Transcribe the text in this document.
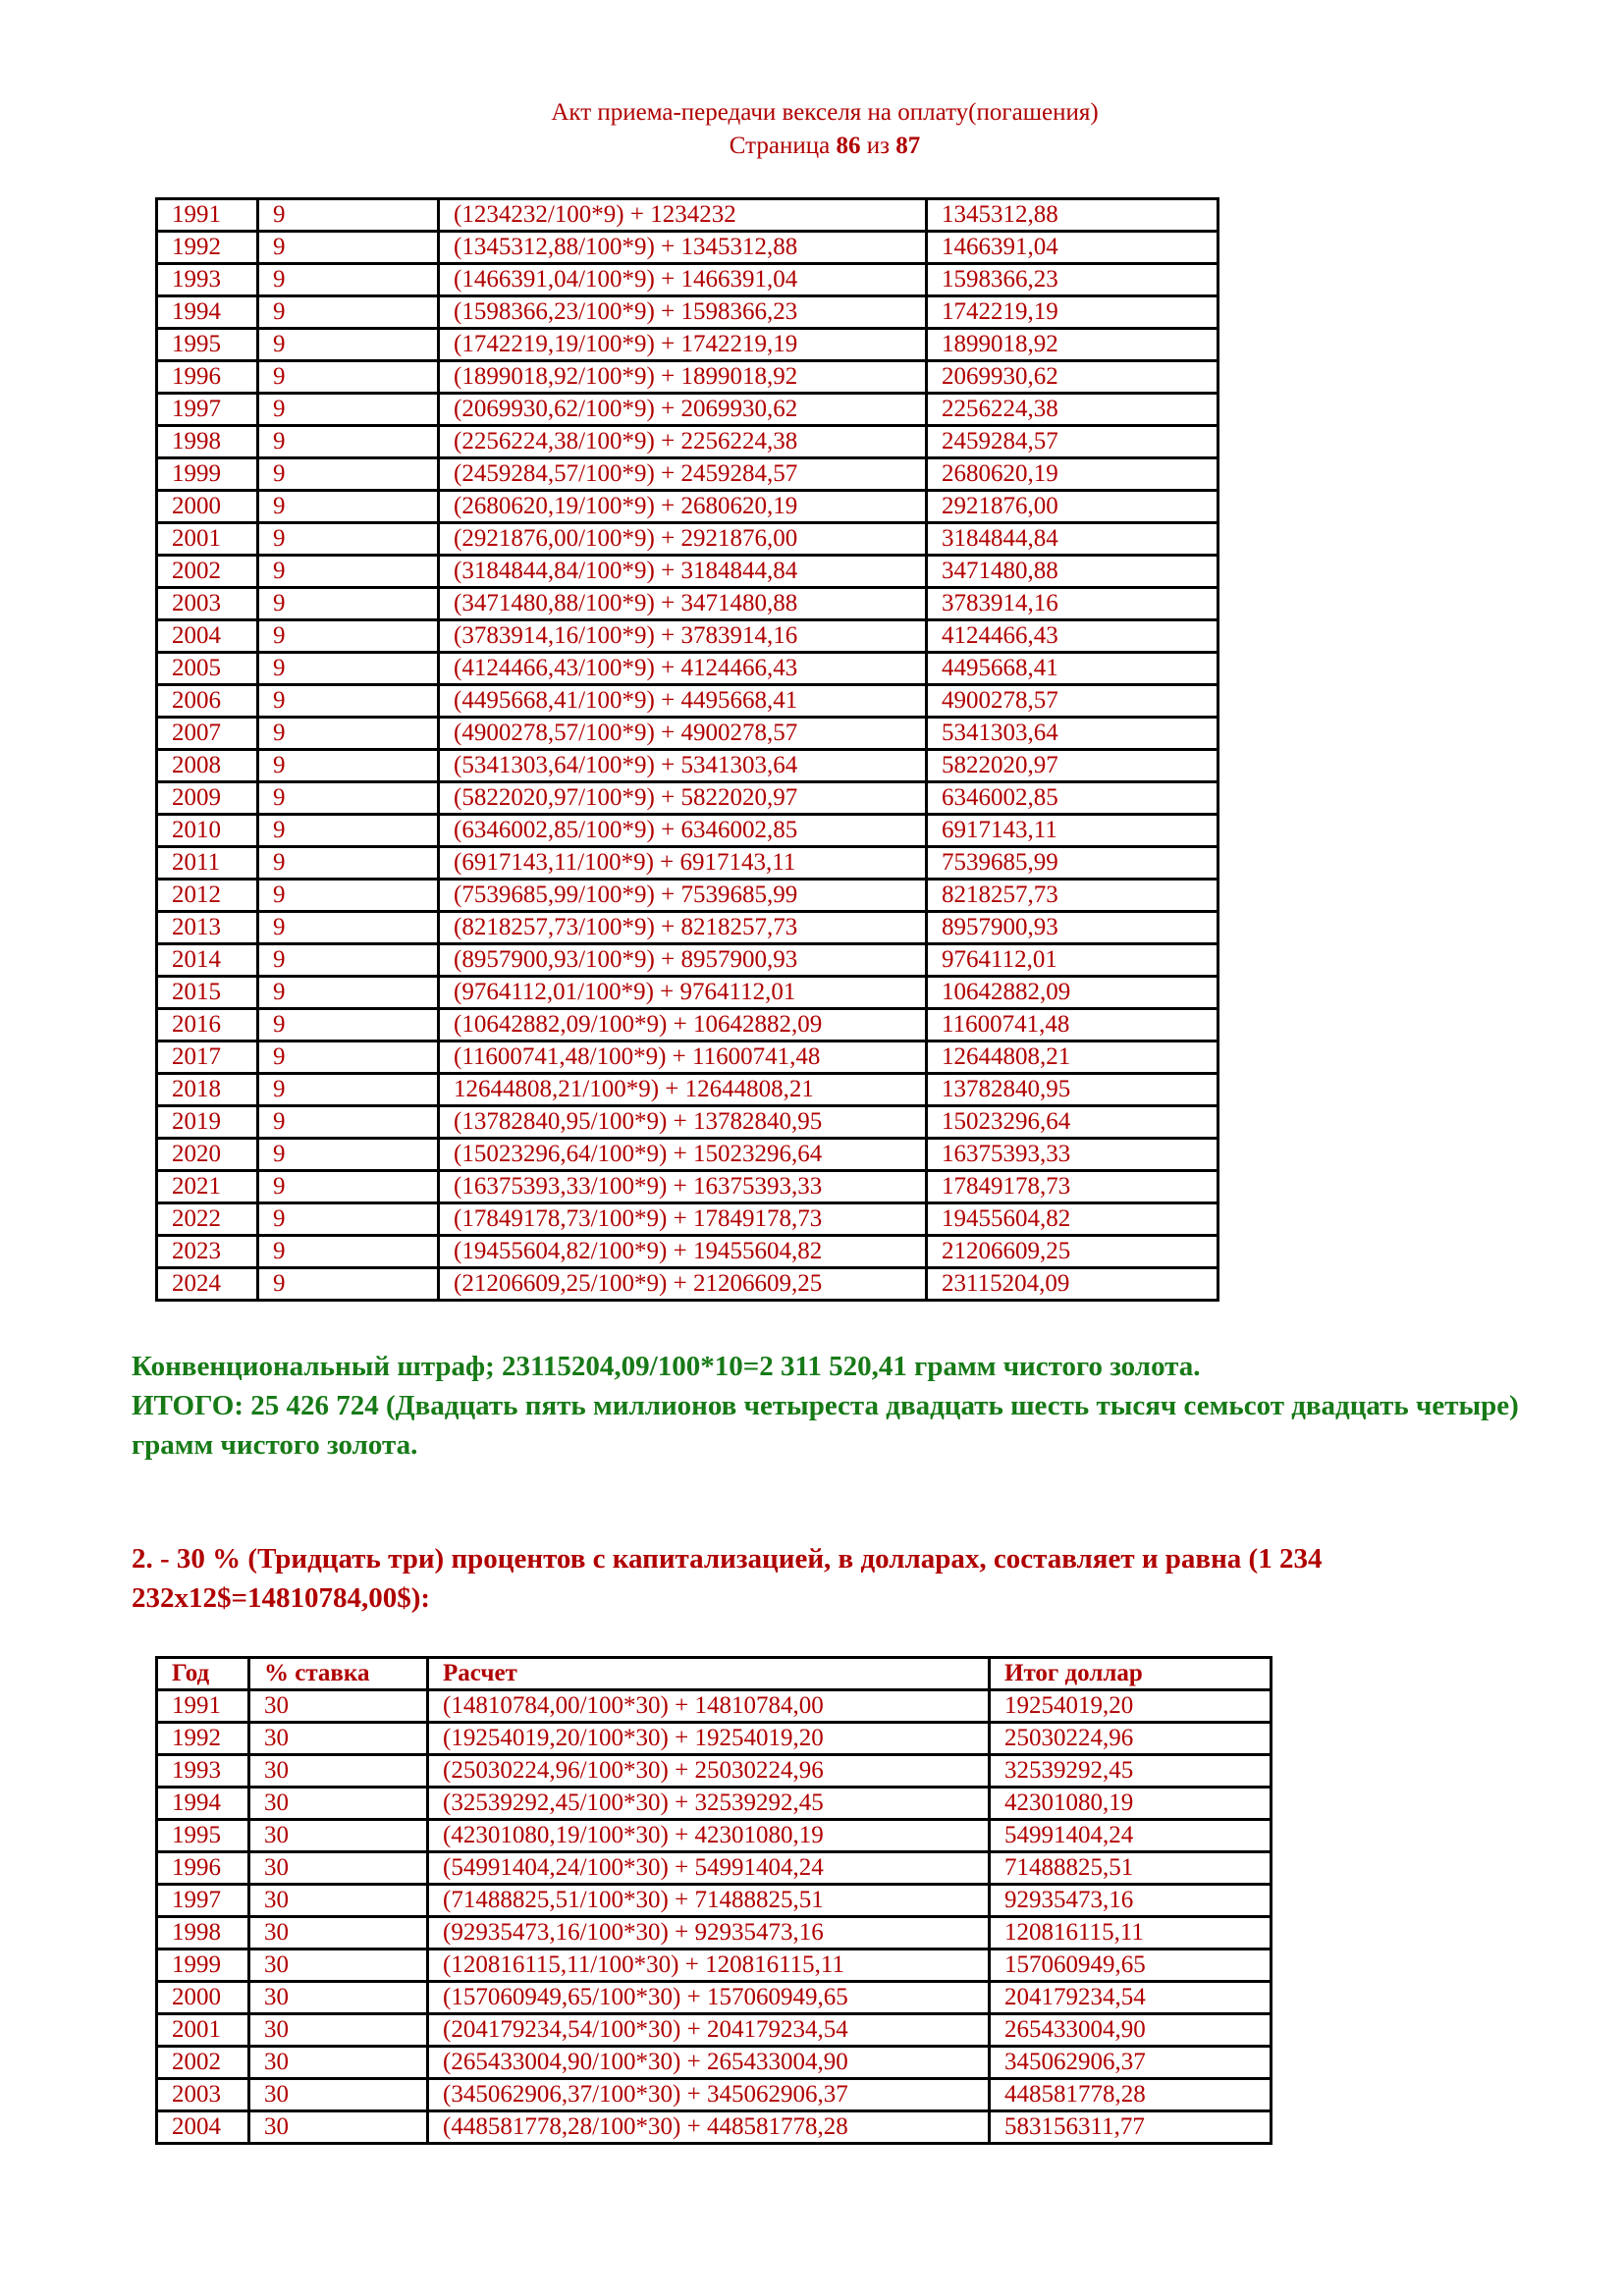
Акт приема-передачи векселя на оплату(погашения)
Страница 86 из 87
1991	9	(1234232/100*9) + 1234232	1345312,88
1992	9	(1345312,88/100*9) + 1345312,88	1466391,04
1993	9	(1466391,04/100*9) + 1466391,04	1598366,23
1994	9	(1598366,23/100*9) + 1598366,23	1742219,19
1995	9	(1742219,19/100*9) + 1742219,19	1899018,92
1996	9	(1899018,92/100*9) + 1899018,92	2069930,62
1997	9	(2069930,62/100*9) + 2069930,62	2256224,38
1998	9	(2256224,38/100*9) + 2256224,38	2459284,57
1999	9	(2459284,57/100*9) + 2459284,57	2680620,19
2000	9	(2680620,19/100*9) + 2680620,19	2921876,00
2001	9	(2921876,00/100*9) + 2921876,00	3184844,84
2002	9	(3184844,84/100*9) + 3184844,84	3471480,88
2003	9	(3471480,88/100*9) + 3471480,88	3783914,16
2004	9	(3783914,16/100*9) + 3783914,16	4124466,43
2005	9	(4124466,43/100*9) + 4124466,43	4495668,41
2006	9	(4495668,41/100*9) + 4495668,41	4900278,57
2007	9	(4900278,57/100*9) + 4900278,57	5341303,64
2008	9	(5341303,64/100*9) + 5341303,64	5822020,97
2009	9	(5822020,97/100*9) + 5822020,97	6346002,85
2010	9	(6346002,85/100*9) + 6346002,85	6917143,11
2011	9	(6917143,11/100*9) + 6917143,11	7539685,99
2012	9	(7539685,99/100*9) + 7539685,99	8218257,73
2013	9	(8218257,73/100*9) + 8218257,73	8957900,93
2014	9	(8957900,93/100*9) + 8957900,93	9764112,01
2015	9	(9764112,01/100*9) + 9764112,01	10642882,09
2016	9	(10642882,09/100*9) + 10642882,09	11600741,48
2017	9	(11600741,48/100*9) + 11600741,48	12644808,21
2018	9	12644808,21/100*9) + 12644808,21	13782840,95
2019	9	(13782840,95/100*9) + 13782840,95	15023296,64
2020	9	(15023296,64/100*9) + 15023296,64	16375393,33
2021	9	(16375393,33/100*9) + 16375393,33	17849178,73
2022	9	(17849178,73/100*9) + 17849178,73	19455604,82
2023	9	(19455604,82/100*9) + 19455604,82	21206609,25
2024	9	(21206609,25/100*9) + 21206609,25	23115204,09
Конвенциональный штраф; 23115204,09/100*10=2 311 520,41 грамм чистого золота.
ИТОГО: 25 426 724 (Двадцать пять миллионов четыреста двадцать шесть тысяч семьсот двадцать четыре) грамм чистого золота.
2. - 30 % (Тридцать три) процентов с капитализацией, в долларах, составляет и равна (1 234 232х12$=14810784,00$):
Год	% ставка	Расчет	Итог доллар
1991	30	(14810784,00/100*30) + 14810784,00	19254019,20
1992	30	(19254019,20/100*30) + 19254019,20	25030224,96
1993	30	(25030224,96/100*30) + 25030224,96	32539292,45
1994	30	(32539292,45/100*30) + 32539292,45	42301080,19
1995	30	(42301080,19/100*30) + 42301080,19	54991404,24
1996	30	(54991404,24/100*30) + 54991404,24	71488825,51
1997	30	(71488825,51/100*30) + 71488825,51	92935473,16
1998	30	(92935473,16/100*30) + 92935473,16	120816115,11
1999	30	(120816115,11/100*30) + 120816115,11	157060949,65
2000	30	(157060949,65/100*30) + 157060949,65	204179234,54
2001	30	(204179234,54/100*30) + 204179234,54	265433004,90
2002	30	(265433004,90/100*30) + 265433004,90	345062906,37
2003	30	(345062906,37/100*30) + 345062906,37	448581778,28
2004	30	(448581778,28/100*30) + 448581778,28	583156311,77
